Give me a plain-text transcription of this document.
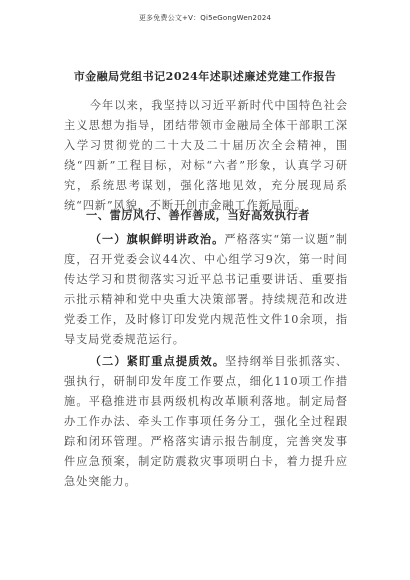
更多免费公文+V：Qi5eGongWen2024
市金融局党组书记2024年述职述廉述党建工作报告
今年以来，我坚持以习近平新时代中国特色社会主义思想为指导，团结带领市金融局全体干部职工深入学习贯彻党的二十大及二十届历次全会精神，围绕“四新”工程目标，对标“六者”形象，认真学习研究，系统思考谋划，强化落地见效，充分展现局系统“四新”风貌，不断开创市金融工作新局面。
一、雷厉风行、善作善成，当好高效执行者
（一）旗帜鲜明讲政治。严格落实“第一议题”制度，召开党委会议44次、中心组学习9次，第一时间传达学习和贯彻落实习近平总书记重要讲话、重要指示批示精神和党中央重大决策部署。持续规范和改进党委工作，及时修订印发党内规范性文件10余项，指导支局党委规范运行。
（二）紧盯重点提质效。坚持纲举目张抓落实、强执行，研制印发年度工作要点，细化110项工作措施。平稳推进市县两级机构改革顺利落地。制定局督办工作办法、牵头工作事项任务分工，强化全过程跟踪和闭环管理。严格落实请示报告制度，完善突发事件应急预案，制定防震救灾事项明白卡，着力提升应急处突能力。
